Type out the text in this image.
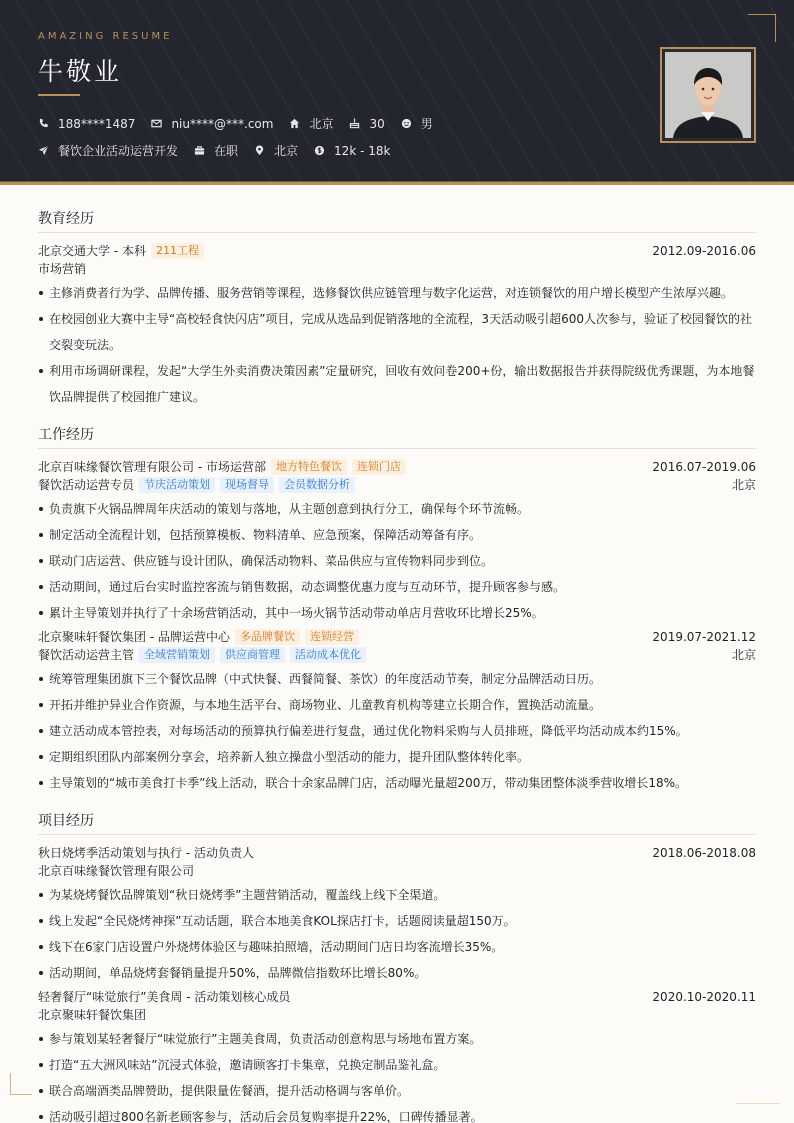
AMAZING RESUME
牛敬业
188****1487	niu****@***.com	北京	30	男
餐饮企业活动运营开发	在职	北京	12k - 18k
教育经历
北京交通大学 - 本科 211工程	2012.09-2016.06
市场营销
主修消费者行为学、品牌传播、服务营销等课程，选修餐饮供应链管理与数字化运营，对连锁餐饮的用户增长模型产生浓厚兴趣。
在校园创业大赛中主导“高校轻食快闪店”项目，完成从选品到促销落地的全流程，3天活动吸引超600人次参与，验证了校园餐饮的社交裂变玩法。
利用市场调研课程，发起“大学生外卖消费决策因素”定量研究，回收有效问卷200+份，输出数据报告并获得院级优秀课题，为本地餐饮品牌提供了校园推广建议。
工作经历
北京百味缘餐饮管理有限公司 - 市场运营部 地方特色餐饮	连锁门店	2016.07-2019.06
餐饮活动运营专员 节庆活动策划	现场督导	会员数据分析	北京
负责旗下火锅品牌周年庆活动的策划与落地，从主题创意到执行分工，确保每个环节流畅。
制定活动全流程计划，包括预算模板、物料清单、应急预案，保障活动筹备有序。
联动门店运营、供应链与设计团队，确保活动物料、菜品供应与宣传物料同步到位。
活动期间，通过后台实时监控客流与销售数据，动态调整优惠力度与互动环节，提升顾客参与感。
累计主导策划并执行了十余场营销活动，其中一场火锅节活动带动单店月营收环比增长25%。
北京聚味轩餐饮集团 - 品牌运营中心 多品牌餐饮	连锁经营	2019.07-2021.12
餐饮活动运营主管 全域营销策划	供应商管理	活动成本优化	北京
统筹管理集团旗下三个餐饮品牌（中式快餐、西餐简餐、茶饮）的年度活动节奏，制定分品牌活动日历。
开拓并维护异业合作资源，与本地生活平台、商场物业、儿童教育机构等建立长期合作，置换活动流量。
建立活动成本管控表，对每场活动的预算执行偏差进行复盘，通过优化物料采购与人员排班，降低平均活动成本约15%。
定期组织团队内部案例分享会，培养新人独立操盘小型活动的能力，提升团队整体转化率。
主导策划的“城市美食打卡季”线上活动，联合十余家品牌门店，活动曝光量超200万，带动集团整体淡季营收增长18%。
项目经历
秋日烧烤季活动策划与执行 - 活动负责人	2018.06-2018.08
北京百味缘餐饮管理有限公司
为某烧烤餐饮品牌策划“秋日烧烤季”主题营销活动，覆盖线上线下全渠道。
线上发起“全民烧烤神探”互动话题，联合本地美食KOL探店打卡，话题阅读量超150万。
线下在6家门店设置户外烧烤体验区与趣味拍照墙，活动期间门店日均客流增长35%。
活动期间，单品烧烤套餐销量提升50%，品牌微信指数环比增长80%。
轻奢餐厅“味觉旅行”美食周 - 活动策划核心成员	2020.10-2020.11
北京聚味轩餐饮集团
参与策划某轻奢餐厅“味觉旅行”主题美食周，负责活动创意构思与场地布置方案。
打造“五大洲风味站”沉浸式体验，邀请顾客打卡集章，兑换定制品鉴礼盒。
联合高端酒类品牌赞助，提供限量佐餐酒，提升活动格调与客单价。
活动吸引超过800名新老顾客参与，活动后会员复购率提升22%，口碑传播显著。
